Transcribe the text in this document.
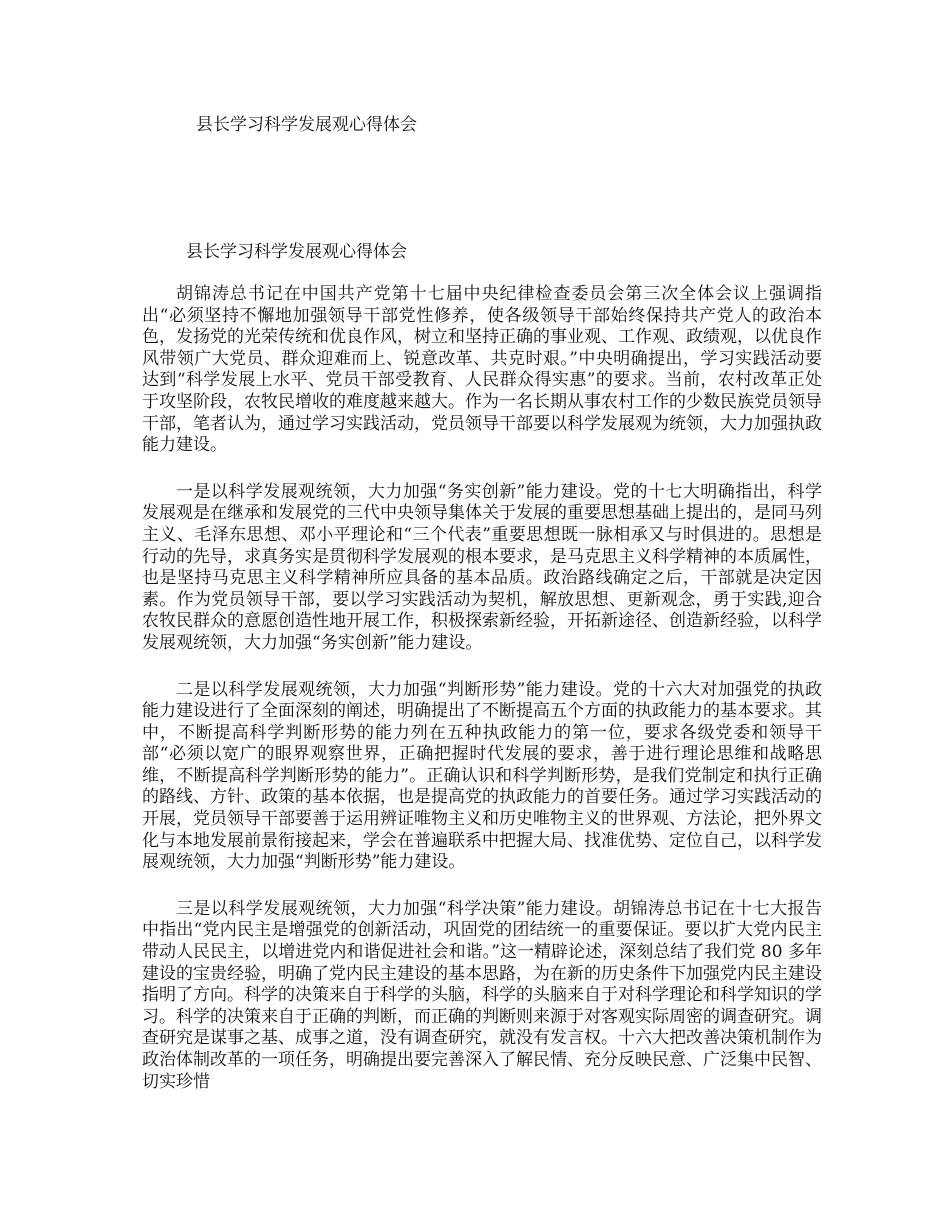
县长学习科学发展观心得体会
县长学习科学发展观心得体会

胡锦涛总书记在中国共产党第十七届中央纪律检查委员会第三次全体会议上强调指出“必须坚持不懈地加强领导干部党性修养，使各级领导干部始终保持共产党人的政治本色，发扬党的光荣传统和优良作风，树立和坚持正确的事业观、工作观、政绩观，以优良作风带领广大党员、群众迎难而上、锐意改革、共克时艰。”中央明确提出，学习实践活动要达到“科学发展上水平、党员干部受教育、人民群众得实惠”的要求。当前，农村改革正处于攻坚阶段，农牧民增收的难度越来越大。作为一名长期从事农村工作的少数民族党员领导干部，笔者认为，通过学习实践活动，党员领导干部要以科学发展观为统领，大力加强执政能力建设。

一是以科学发展观统领，大力加强“务实创新”能力建设。党的十七大明确指出，科学发展观是在继承和发展党的三代中央领导集体关于发展的重要思想基础上提出的，是同马列主义、毛泽东思想、邓小平理论和“三个代表”重要思想既一脉相承又与时俱进的。思想是行动的先导，求真务实是贯彻科学发展观的根本要求，是马克思主义科学精神的本质属性，也是坚持马克思主义科学精神所应具备的基本品质。政治路线确定之后，干部就是决定因素。作为党员领导干部，要以学习实践活动为契机，解放思想、更新观念，勇于实践,迎合农牧民群众的意愿创造性地开展工作，积极探索新经验，开拓新途径、创造新经验，以科学发展观统领，大力加强“务实创新”能力建设。

二是以科学发展观统领，大力加强“判断形势”能力建设。党的十六大对加强党的执政能力建设进行了全面深刻的阐述，明确提出了不断提高五个方面的执政能力的基本要求。其中，不断提高科学判断形势的能力列在五种执政能力的第一位，要求各级党委和领导干部“必须以宽广的眼界观察世界，正确把握时代发展的要求，善于进行理论思维和战略思维，不断提高科学判断形势的能力”。正确认识和科学判断形势，是我们党制定和执行正确的路线、方针、政策的基本依据，也是提高党的执政能力的首要任务。通过学习实践活动的开展，党员领导干部要善于运用辨证唯物主义和历史唯物主义的世界观、方法论，把外界文化与本地发展前景衔接起来，学会在普遍联系中把握大局、找准优势、定位自己，以科学发展观统领，大力加强“判断形势”能力建设。

三是以科学发展观统领，大力加强“科学决策”能力建设。胡锦涛总书记在十七大报告中指出“党内民主是增强党的创新活动，巩固党的团结统一的重要保证。要以扩大党内民主带动人民民主，以增进党内和谐促进社会和谐。”这一精辟论述，深刻总结了我们党 80 多年建设的宝贵经验，明确了党内民主建设的基本思路，为在新的历史条件下加强党内民主建设指明了方向。科学的决策来自于科学的头脑，科学的头脑来自于对科学理论和科学知识的学习。科学的决策来自于正确的判断，而正确的判断则来源于对客观实际周密的调查研究。调查研究是谋事之基、成事之道，没有调查研究，就没有发言权。十六大把改善决策机制作为政治体制改革的一项任务，明确提出要完善深入了解民情、充分反映民意、广泛集中民智、切实珍惜
